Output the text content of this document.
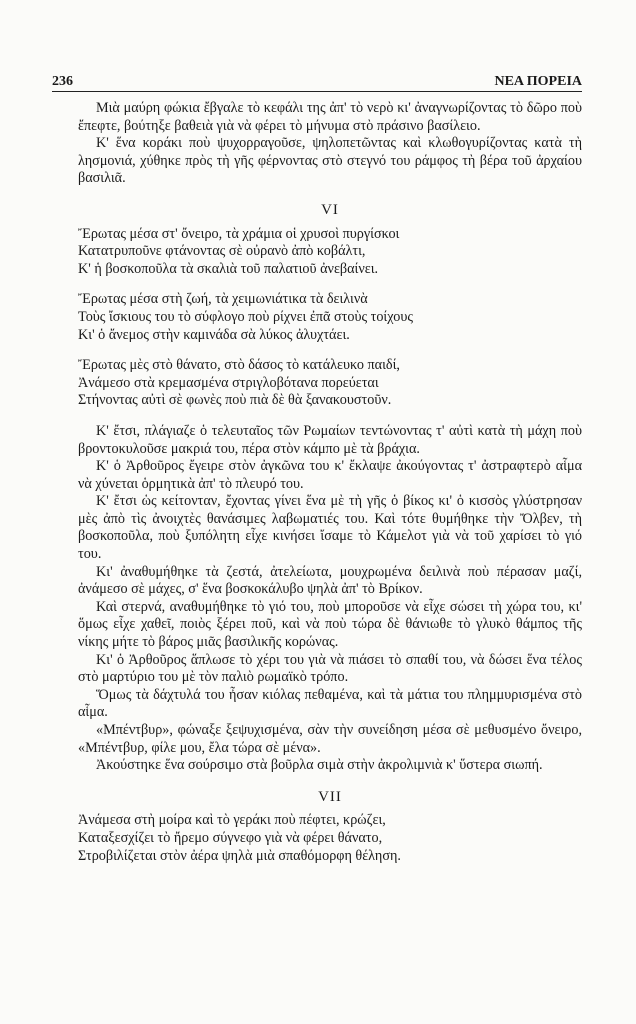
236	ΝΕΑ ΠΟΡΕΙΑ

Μιὰ μαύρη φώκια ἔβγαλε τὸ κεφάλι της ἀπ' τὸ νερὸ κι' ἀναγνωρίζοντας τὸ δῶρο ποὺ ἔπεφτε, βούτηξε βαθειὰ γιὰ νὰ φέρει τὸ μήνυμα στὸ πράσινο βασίλειο.

Κ' ἕνα κοράκι ποὺ ψυχορραγοῦσε, ψηλοπετῶντας καὶ κλωθογυρίζοντας κατὰ τὴ λησμονιά, χύθηκε πρὸς τὴ γῆς φέρνοντας στὸ στεγνό του ράμφος τὴ βέρα τοῦ ἀρχαίου βασιλιᾶ.

VI
Ἔρωτας μέσα στ' ὄνειρο, τὰ χράμια οἱ χρυσοὶ πυργίσκοι
Κατατρυποῦνε φτάνοντας σὲ οὐρανὸ ἀπὸ κοβάλτι,
Κ' ἡ βοσκοποῦλα τὰ σκαλιὰ τοῦ παλατιοῦ ἀνεβαίνει.
Ἔρωτας μέσα στὴ ζωή, τὰ χειμωνιάτικα τὰ δειλινὰ
Τοὺς ἴσκιους του τὸ σύφλογο ποὺ ρίχνει ἐπᾶ στοὺς τοίχους
Κι' ὁ ἄνεμος στὴν καμινάδα σὰ λύκος ἀλυχτάει.
Ἔρωτας μὲς στὸ θάνατο, στὸ δάσος τὸ κατάλευκο παιδί,
Ἀνάμεσο στὰ κρεμασμένα στριγλοβότανα πορεύεται
Στήνοντας αὐτὶ σὲ φωνὲς ποὺ πιὰ δὲ θὰ ξανακουστοῦν.

Κ' ἔτσι, πλάγιαζε ὁ τελευταῖος τῶν Ρωμαίων τεντώνοντας τ' αὐτὶ κατὰ τὴ μάχη ποὺ βροντοκυλοῦσε μακριά του, πέρα στὸν κάμπο μὲ τὰ βράχια.

Κ' ὁ Ἀρθοῦρος ἔγειρε στὸν ἀγκῶνα του κ' ἔκλαψε ἀκούγοντας τ' ἀστραφτερὸ αἷμα νὰ χύνεται ὁρμητικὰ ἀπ' τὸ πλευρό του.

Κ' ἔτσι ὡς κείτονταν, ἔχοντας γίνει ἕνα μὲ τὴ γῆς ὁ βίκος κι' ὁ κισσὸς γλύστρησαν μὲς ἀπὸ τὶς ἀνοιχτὲς θανάσιμες λαβωματιές του. Καὶ τότε θυμήθηκε τὴν Ὄλβεν, τὴ βοσκοποῦλα, ποὺ ξυπόλητη εἶχε κινήσει ἴσαμε τὸ Κάμελοτ γιὰ νὰ τοῦ χαρίσει τὸ γιό του.

Κι' ἀναθυμήθηκε τὰ ζεστά, ἀτελείωτα, μουχρωμένα δειλινὰ ποὺ πέρασαν μαζί, ἀνάμεσο σὲ μάχες, σ' ἕνα βοσκοκάλυβο ψηλὰ ἀπ' τὸ Βρίκον.

Καὶ στερνά, αναθυμήθηκε τὸ γιό του, ποὺ μποροῦσε νὰ εἶχε σώσει τὴ χώρα του, κι' ὅμως εἶχε χαθεῖ, ποιὸς ξέρει ποῦ, καὶ νὰ ποὺ τώρα δὲ θάνιωθε τὸ γλυκὸ θάμπος τῆς νίκης μήτε τὸ βάρος μιᾶς βασιλικῆς κορώνας.

Κι' ὁ Ἀρθοῦρος ἅπλωσε τὸ χέρι του γιὰ νὰ πιάσει τὸ σπαθί του, νὰ δώσει ἕνα τέλος στὸ μαρτύριο του μὲ τὸν παλιὸ ρωμαϊκὸ τρόπο.

Ὅμως τὰ δάχτυλά του ἦσαν κιόλας πεθαμένα, καὶ τὰ μάτια του πλημμυρισμένα στὸ αἷμα.

«Μπέντβυρ», φώναξε ξεψυχισμένα, σὰν τὴν συνείδηση μέσα σὲ μεθυσμένο ὄνειρο, «Μπέντβυρ, φίλε μου, ἔλα τώρα σὲ μένα».

Ἀκούστηκε ἕνα σούρσιμο στὰ βοῦρλα σιμὰ στὴν ἀκρολιμνιὰ κ' ὕστερα σιωπή.

VII
Ἀνάμεσα στὴ μοίρα καὶ τὸ γεράκι ποὺ πέφτει, κρώζει,
Καταξεσχίζει τὸ ἤρεμο σύγνεφο γιὰ νὰ φέρει θάνατο,
Στροβιλίζεται στὸν ἀέρα ψηλὰ μιὰ σπαθόμορφη θέληση.
